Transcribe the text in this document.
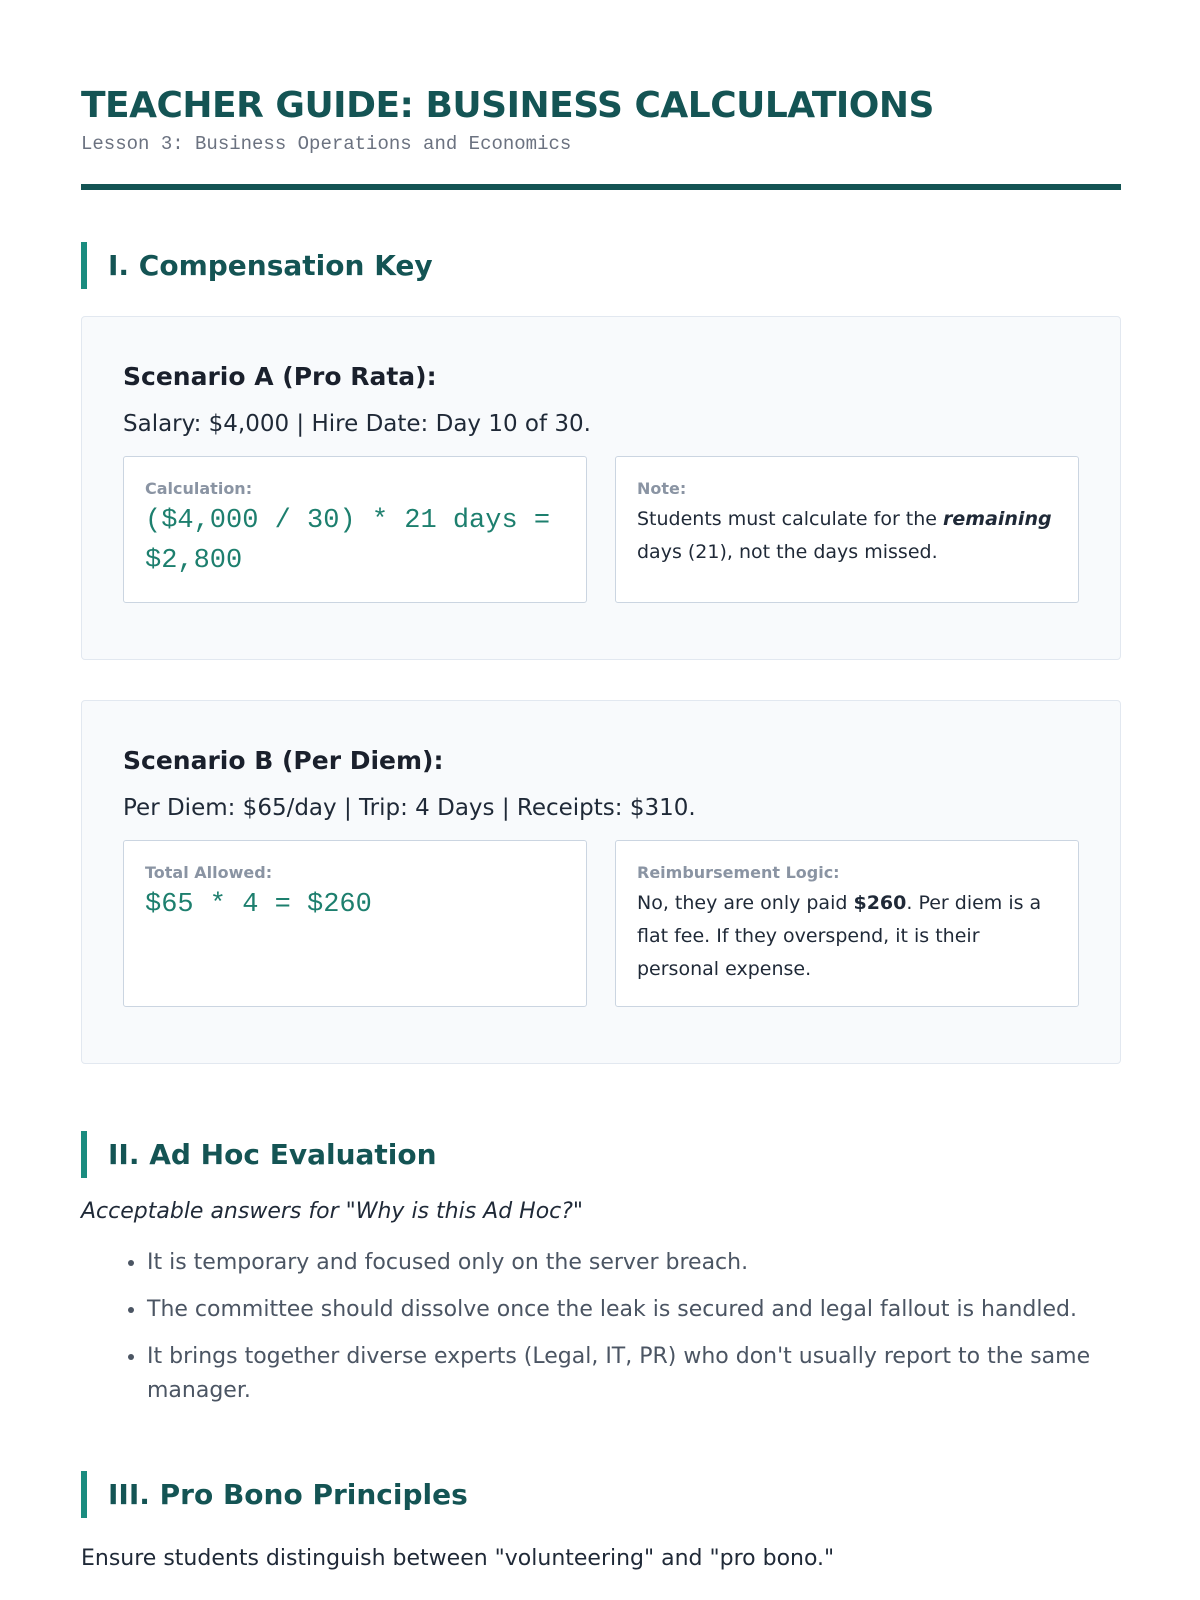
TEACHER GUIDE: BUSINESS CALCULATIONS
Lesson 3: Business Operations and Economics
I. Compensation Key
Scenario A (Pro Rata):
Salary: $4,000 | Hire Date: Day 10 of 30.
Calculation:
($4,000 / 30) * 21 days = $2,800
Note:
Students must calculate for the remaining days (21), not the days missed.
Scenario B (Per Diem):
Per Diem: $65/day | Trip: 4 Days | Receipts: $310.
Total Allowed:
$65 * 4 = $260
Reimbursement Logic:
No, they are only paid $260. Per diem is a flat fee. If they overspend, it is their personal expense.
II. Ad Hoc Evaluation
Acceptable answers for "Why is this Ad Hoc?"
• It is temporary and focused only on the server breach.
• The committee should dissolve once the leak is secured and legal fallout is handled.
• It brings together diverse experts (Legal, IT, PR) who don't usually report to the same manager.
III. Pro Bono Principles
Ensure students distinguish between "volunteering" and "pro bono."
